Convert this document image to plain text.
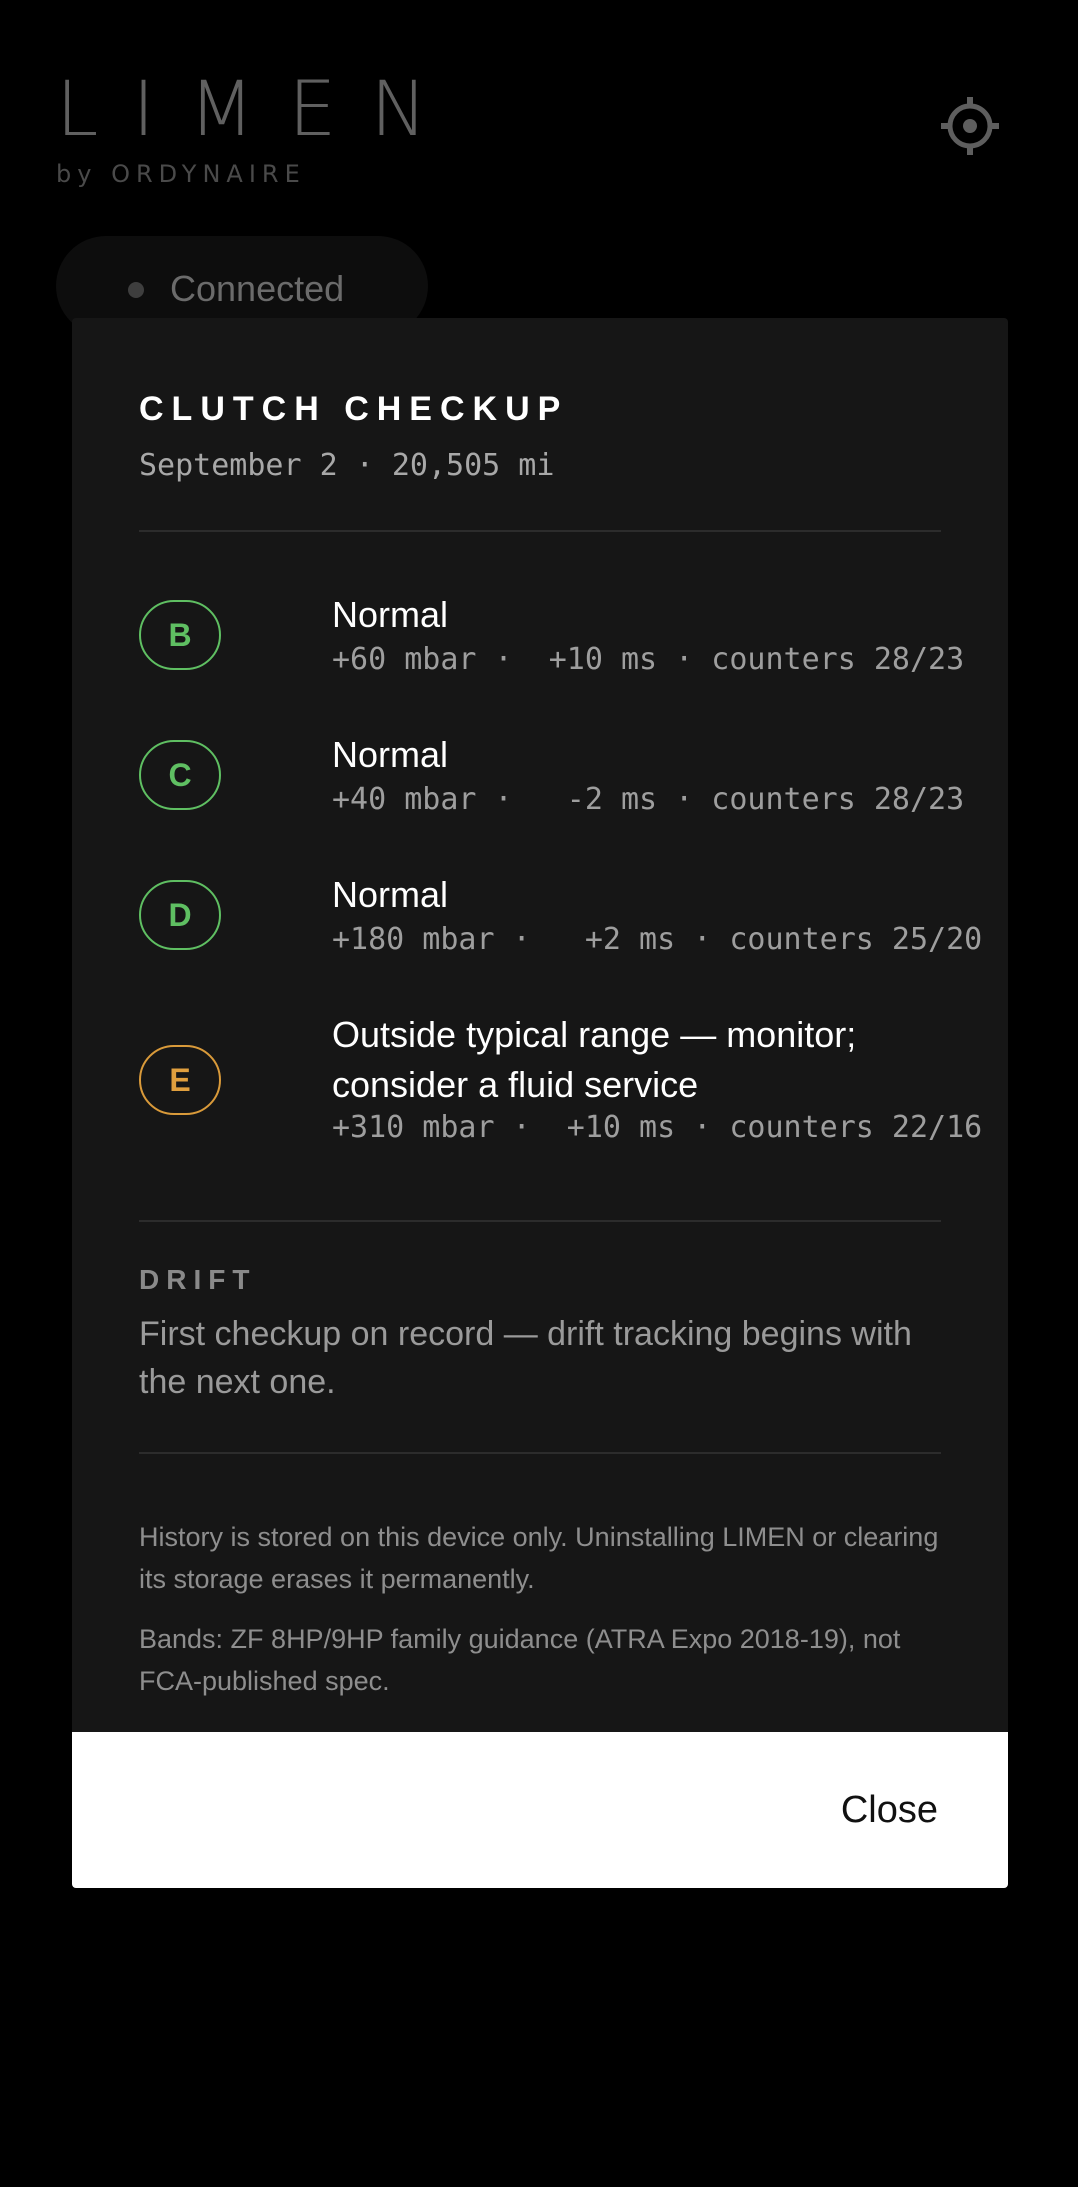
LIMEN
by ORDYNAIRE
Connected
CLUTCH CHECKUP
September 2 · 20,505 mi
B	Normal
+60 mbar ·  +10 ms · counters 28/23
C	Normal
+40 mbar ·   -2 ms · counters 28/23
D	Normal
+180 mbar ·   +2 ms · counters 25/20
E
Outside typical range — monitor; consider a fluid service
+310 mbar ·  +10 ms · counters 22/16
DRIFT
First checkup on record — drift tracking begins with the next one.
History is stored on this device only. Uninstalling LIMEN or clearing its storage erases it permanently.
Bands: ZF 8HP/9HP family guidance (ATRA Expo 2018-19), not FCA-published spec.
Close
